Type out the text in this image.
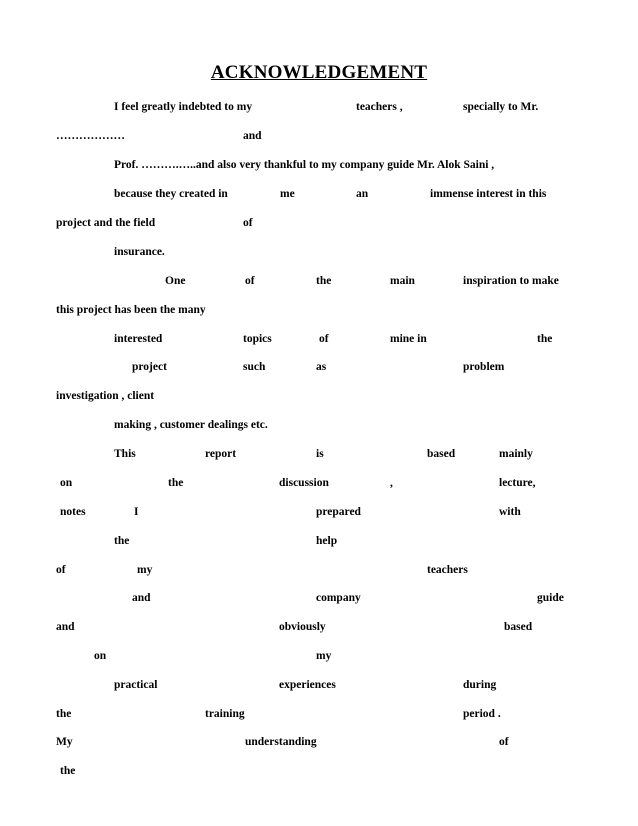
ACKNOWLEDGEMENT
I feel greatly indebted to my	teachers ,	specially to Mr.
………………	and
Prof. ……….…..and also very thankful to my company guide Mr. Alok Saini ,
because they created in	me	an	immense interest in this
project and the field	of
insurance.
One	of	the	main	inspiration to make
this project has been the many
interested	topics	of	mine in	the
project	such	as	problem
investigation , client
making , customer dealings etc.
This	report	is	based	mainly
on	the	discussion	,	lecture,
notes	I	prepared	with
the	help
of	my	teachers
and	company	guide
and	obviously	based
on	my
practical	experiences	during
the	training	period .
My	understanding	of
the
